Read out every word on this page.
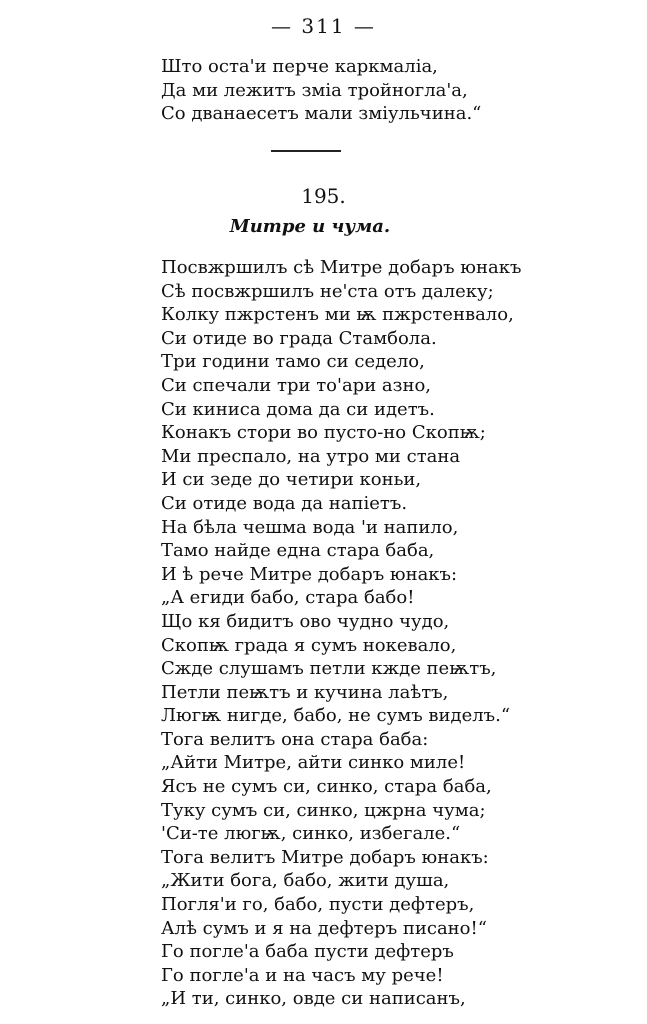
— 311 —
Што оста'и перче каркмаліа,
Да ми лежитъ зміа тройногла'а,
Со дванаесетъ мали зміульчина.“
195.
Митре и чума.
Посвжршилъ сѣ Митре добаръ юнакъ
Сѣ посвжршилъ не'ста отъ далеку;
Колку пжрстенъ ми ѭ пжрстенвало,
Си отиде во града Стамбола.
Три години тамо си седело,
Си спечали три то'ари азно,
Си кинисa дома да си идетъ.
Конакъ стори во пусто-но Скопѭ;
Ми преспало, на утро ми стана
И си зеде до четири коньи,
Си отиде вода да напіетъ.
На бѣла чешма вода 'и напило,
Тамо найде една стара баба,
И ѣ рече Митре добаръ юнакъ:
„А егиди бабо, стара бабо!
Що кя бидитъ ово чудно чудо,
Скопѭ града я сумъ нокевало,
Сжде слушамъ петли кжде пеѭтъ,
Петли пеѭтъ и кучина лаѣтъ,
Люгѭ нигде, бабо, не сумъ виделъ.“
Тога велитъ она стара баба:
„Айти Митре, айти синко миле!
Ясъ не сумъ си, синко, стара баба,
Туку сумъ си, синко, цжрна чума;
'Си-те люгѭ, синко, избегале.“
Тога велитъ Митре добаръ юнакъ:
„Жити бога, бабо, жити душа,
Погля'и го, бабо, пусти дефтеръ,
Алѣ сумъ и я на дефтеръ писано!“
Го погле'а баба пусти дефтеръ
Го погле'а и на часъ му рече!
„И ти, синко, овде си написанъ,
